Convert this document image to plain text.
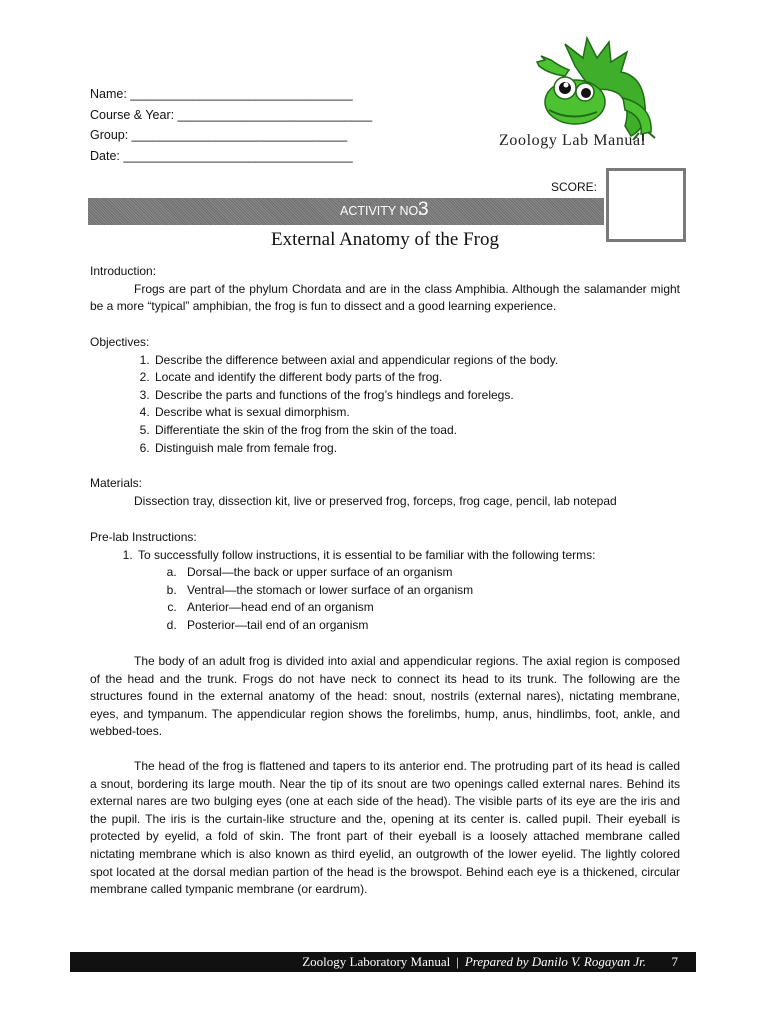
Name: ________________________________
Course & Year: ____________________________
Group: _______________________________
Date: _________________________________
Zoology Lab Manual
SCORE:
ACTIVITY NO.
3
External Anatomy of the Frog
Introduction:
Frogs are part of the phylum Chordata and are in the class Amphibia. Although the salamander might be a more “typical” amphibian, the frog is fun to dissect and a good learning experience.
Objectives:
1. Describe the difference between axial and appendicular regions of the body.
2. Locate and identify the different body parts of the frog.
3. Describe the parts and functions of the frog’s hindlegs and forelegs.
4. Describe what is sexual dimorphism.
5. Differentiate the skin of the frog from the skin of the toad.
6. Distinguish male from female frog.
Materials:
Dissection tray, dissection kit, live or preserved frog, forceps, frog cage, pencil, lab notepad
Pre-lab Instructions:
1. To successfully follow instructions, it is essential to be familiar with the following terms:
a. Dorsal—the back or upper surface of an organism
b. Ventral—the stomach or lower surface of an organism
c. Anterior—head end of an organism
d. Posterior—tail end of an organism
The body of an adult frog is divided into axial and appendicular regions. The axial region is composed of the head and the trunk. Frogs do not have neck to connect its head to its trunk. The following are the structures found in the external anatomy of the head: snout, nostrils (external nares), nictating membrane, eyes, and tympanum. The appendicular region shows the forelimbs, hump, anus, hindlimbs, foot, ankle, and webbed-toes.
The head of the frog is flattened and tapers to its anterior end. The protruding part of its head is called a snout, bordering its large mouth. Near the tip of its snout are two openings called external nares. Behind its external nares are two bulging eyes (one at each side of the head). The visible parts of its eye are the iris and the pupil. The iris is the curtain-like structure and the, opening at its center is. called pupil. Their eyeball is protected by eyelid, a fold of skin. The front part of their eyeball is a loosely attached membrane called nictating membrane which is also known as third eyelid, an outgrowth of the lower eyelid. The lightly colored spot located at the dorsal median partion of the head is the browspot. Behind each eye is a thickened, circular membrane called tympanic membrane (or eardrum).
Zoology Laboratory Manual | Prepared by Danilo V. Rogayan Jr. 7
